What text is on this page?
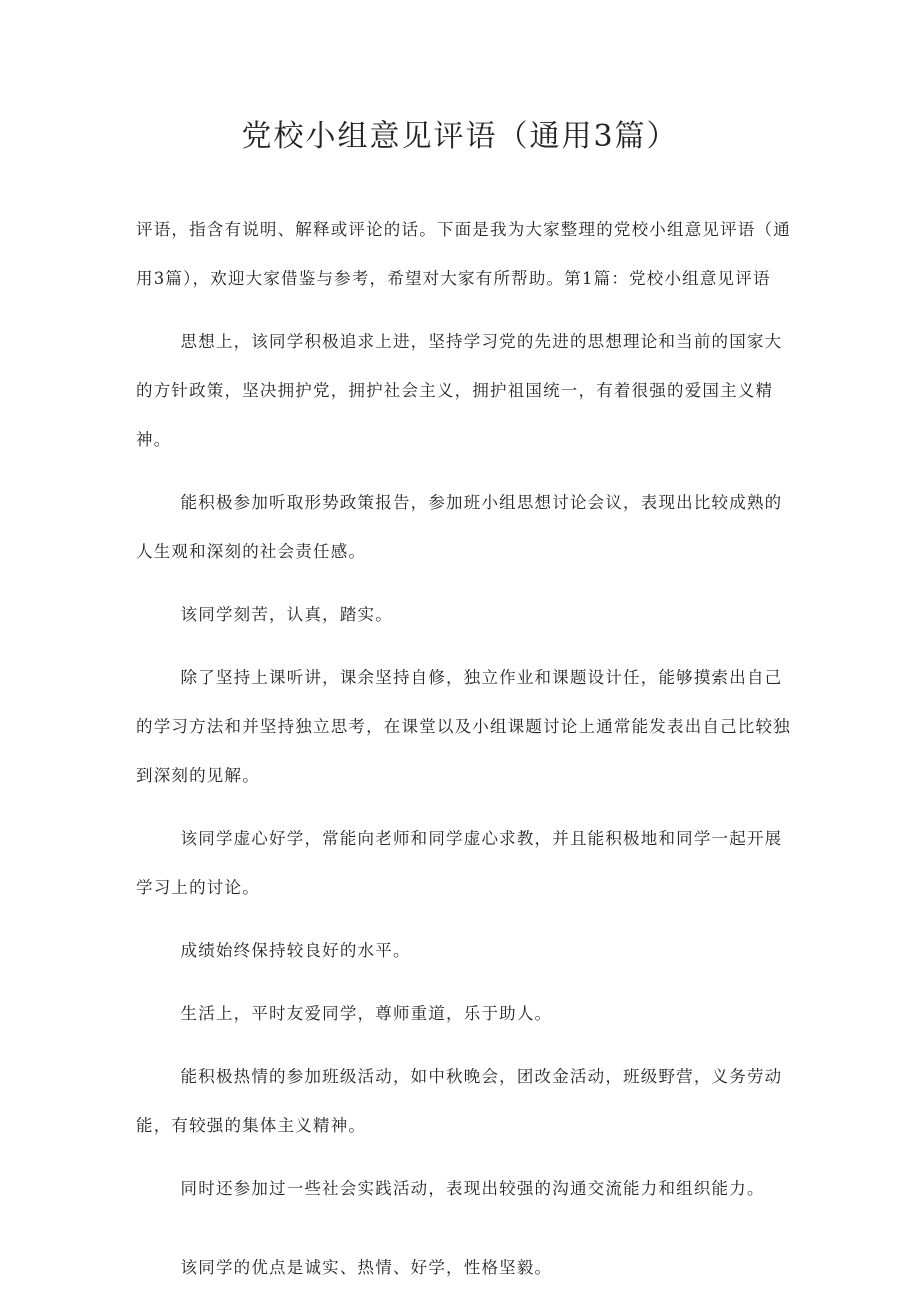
党校小组意见评语（通用3篇）

评语，指含有说明、解释或评论的话。下面是我为大家整理的党校小组意见评语（通用3篇），欢迎大家借鉴与参考，希望对大家有所帮助。第1篇：党校小组意见评语

思想上，该同学积极追求上进，坚持学习党的先进的思想理论和当前的国家大的方针政策，坚决拥护党，拥护社会主义，拥护祖国统一，有着很强的爱国主义精神。

能积极参加听取形势政策报告，参加班小组思想讨论会议，表现出比较成熟的人生观和深刻的社会责任感。

该同学刻苦，认真，踏实。

除了坚持上课听讲，课余坚持自修，独立作业和课题设计任，能够摸索出自己的学习方法和并坚持独立思考，在课堂以及小组课题讨论上通常能发表出自己比较独到深刻的见解。

该同学虚心好学，常能向老师和同学虚心求教，并且能积极地和同学一起开展学习上的讨论。

成绩始终保持较良好的水平。

生活上，平时友爱同学，尊师重道，乐于助人。

能积极热情的参加班级活动，如中秋晚会，团改金活动，班级野营，义务劳动能，有较强的集体主义精神。

同时还参加过一些社会实践活动，表现出较强的沟通交流能力和组织能力。

该同学的优点是诚实、热情、好学，性格坚毅。
